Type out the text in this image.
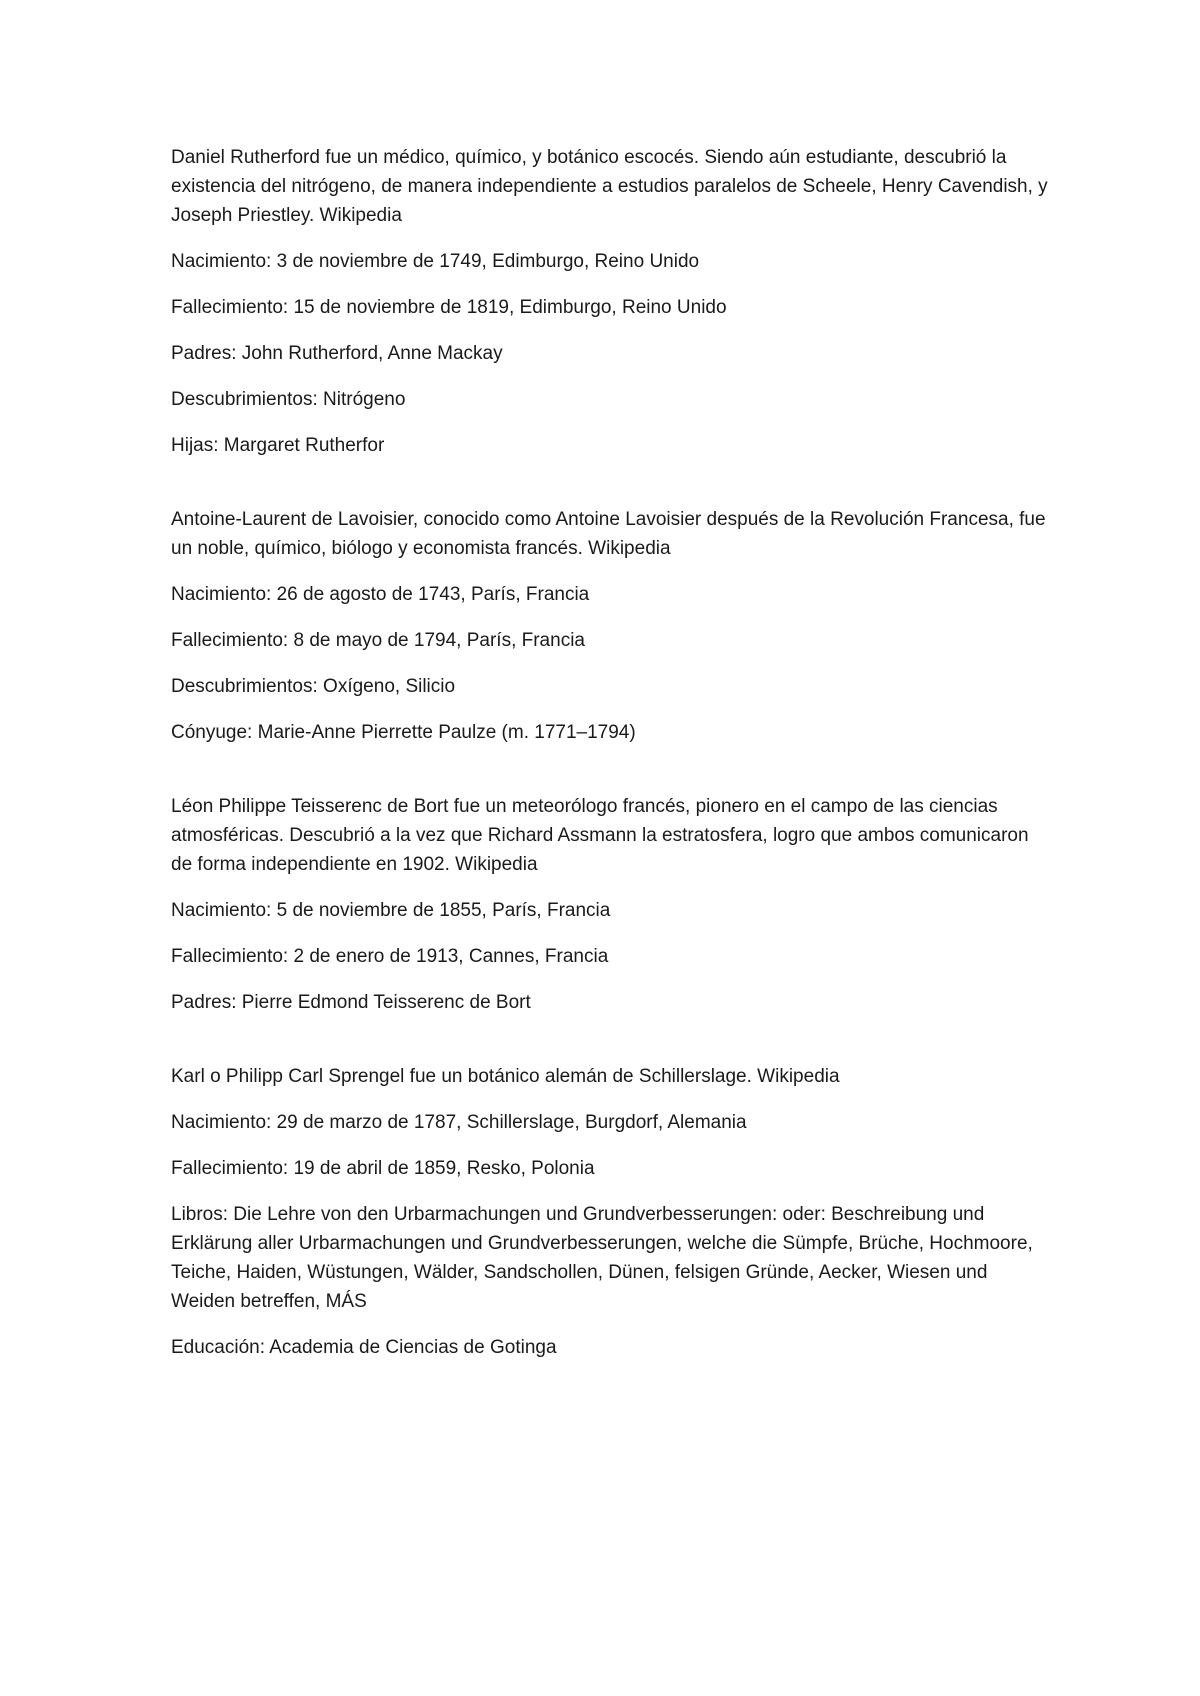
Daniel Rutherford fue un médico, químico, y botánico escocés. Siendo aún estudiante, descubrió la existencia del nitrógeno, de manera independiente a estudios paralelos de Scheele, Henry Cavendish, y Joseph Priestley. Wikipedia

Nacimiento: 3 de noviembre de 1749, Edimburgo, Reino Unido

Fallecimiento: 15 de noviembre de 1819, Edimburgo, Reino Unido

Padres: John Rutherford, Anne Mackay

Descubrimientos: Nitrógeno

Hijas: Margaret Rutherfor

Antoine-Laurent de Lavoisier, conocido como Antoine Lavoisier después de la Revolución Francesa, fue un noble, químico, biólogo y economista francés. Wikipedia

Nacimiento: 26 de agosto de 1743, París, Francia

Fallecimiento: 8 de mayo de 1794, París, Francia

Descubrimientos: Oxígeno, Silicio

Cónyuge: Marie-Anne Pierrette Paulze (m. 1771–1794)

Léon Philippe Teisserenc de Bort fue un meteorólogo francés, pionero en el campo de las ciencias atmosféricas. Descubrió a la vez que Richard Assmann la estratosfera, logro que ambos comunicaron de forma independiente en 1902. Wikipedia

Nacimiento: 5 de noviembre de 1855, París, Francia

Fallecimiento: 2 de enero de 1913, Cannes, Francia

Padres: Pierre Edmond Teisserenc de Bort

Karl o Philipp Carl Sprengel fue un botánico alemán de Schillerslage. Wikipedia

Nacimiento: 29 de marzo de 1787, Schillerslage, Burgdorf, Alemania

Fallecimiento: 19 de abril de 1859, Resko, Polonia

Libros: Die Lehre von den Urbarmachungen und Grundverbesserungen: oder: Beschreibung und Erklärung aller Urbarmachungen und Grundverbesserungen, welche die Sümpfe, Brüche, Hochmoore, Teiche, Haiden, Wüstungen, Wälder, Sandschollen, Dünen, felsigen Gründe, Aecker, Wiesen und Weiden betreffen, MÁS

Educación: Academia de Ciencias de Gotinga
